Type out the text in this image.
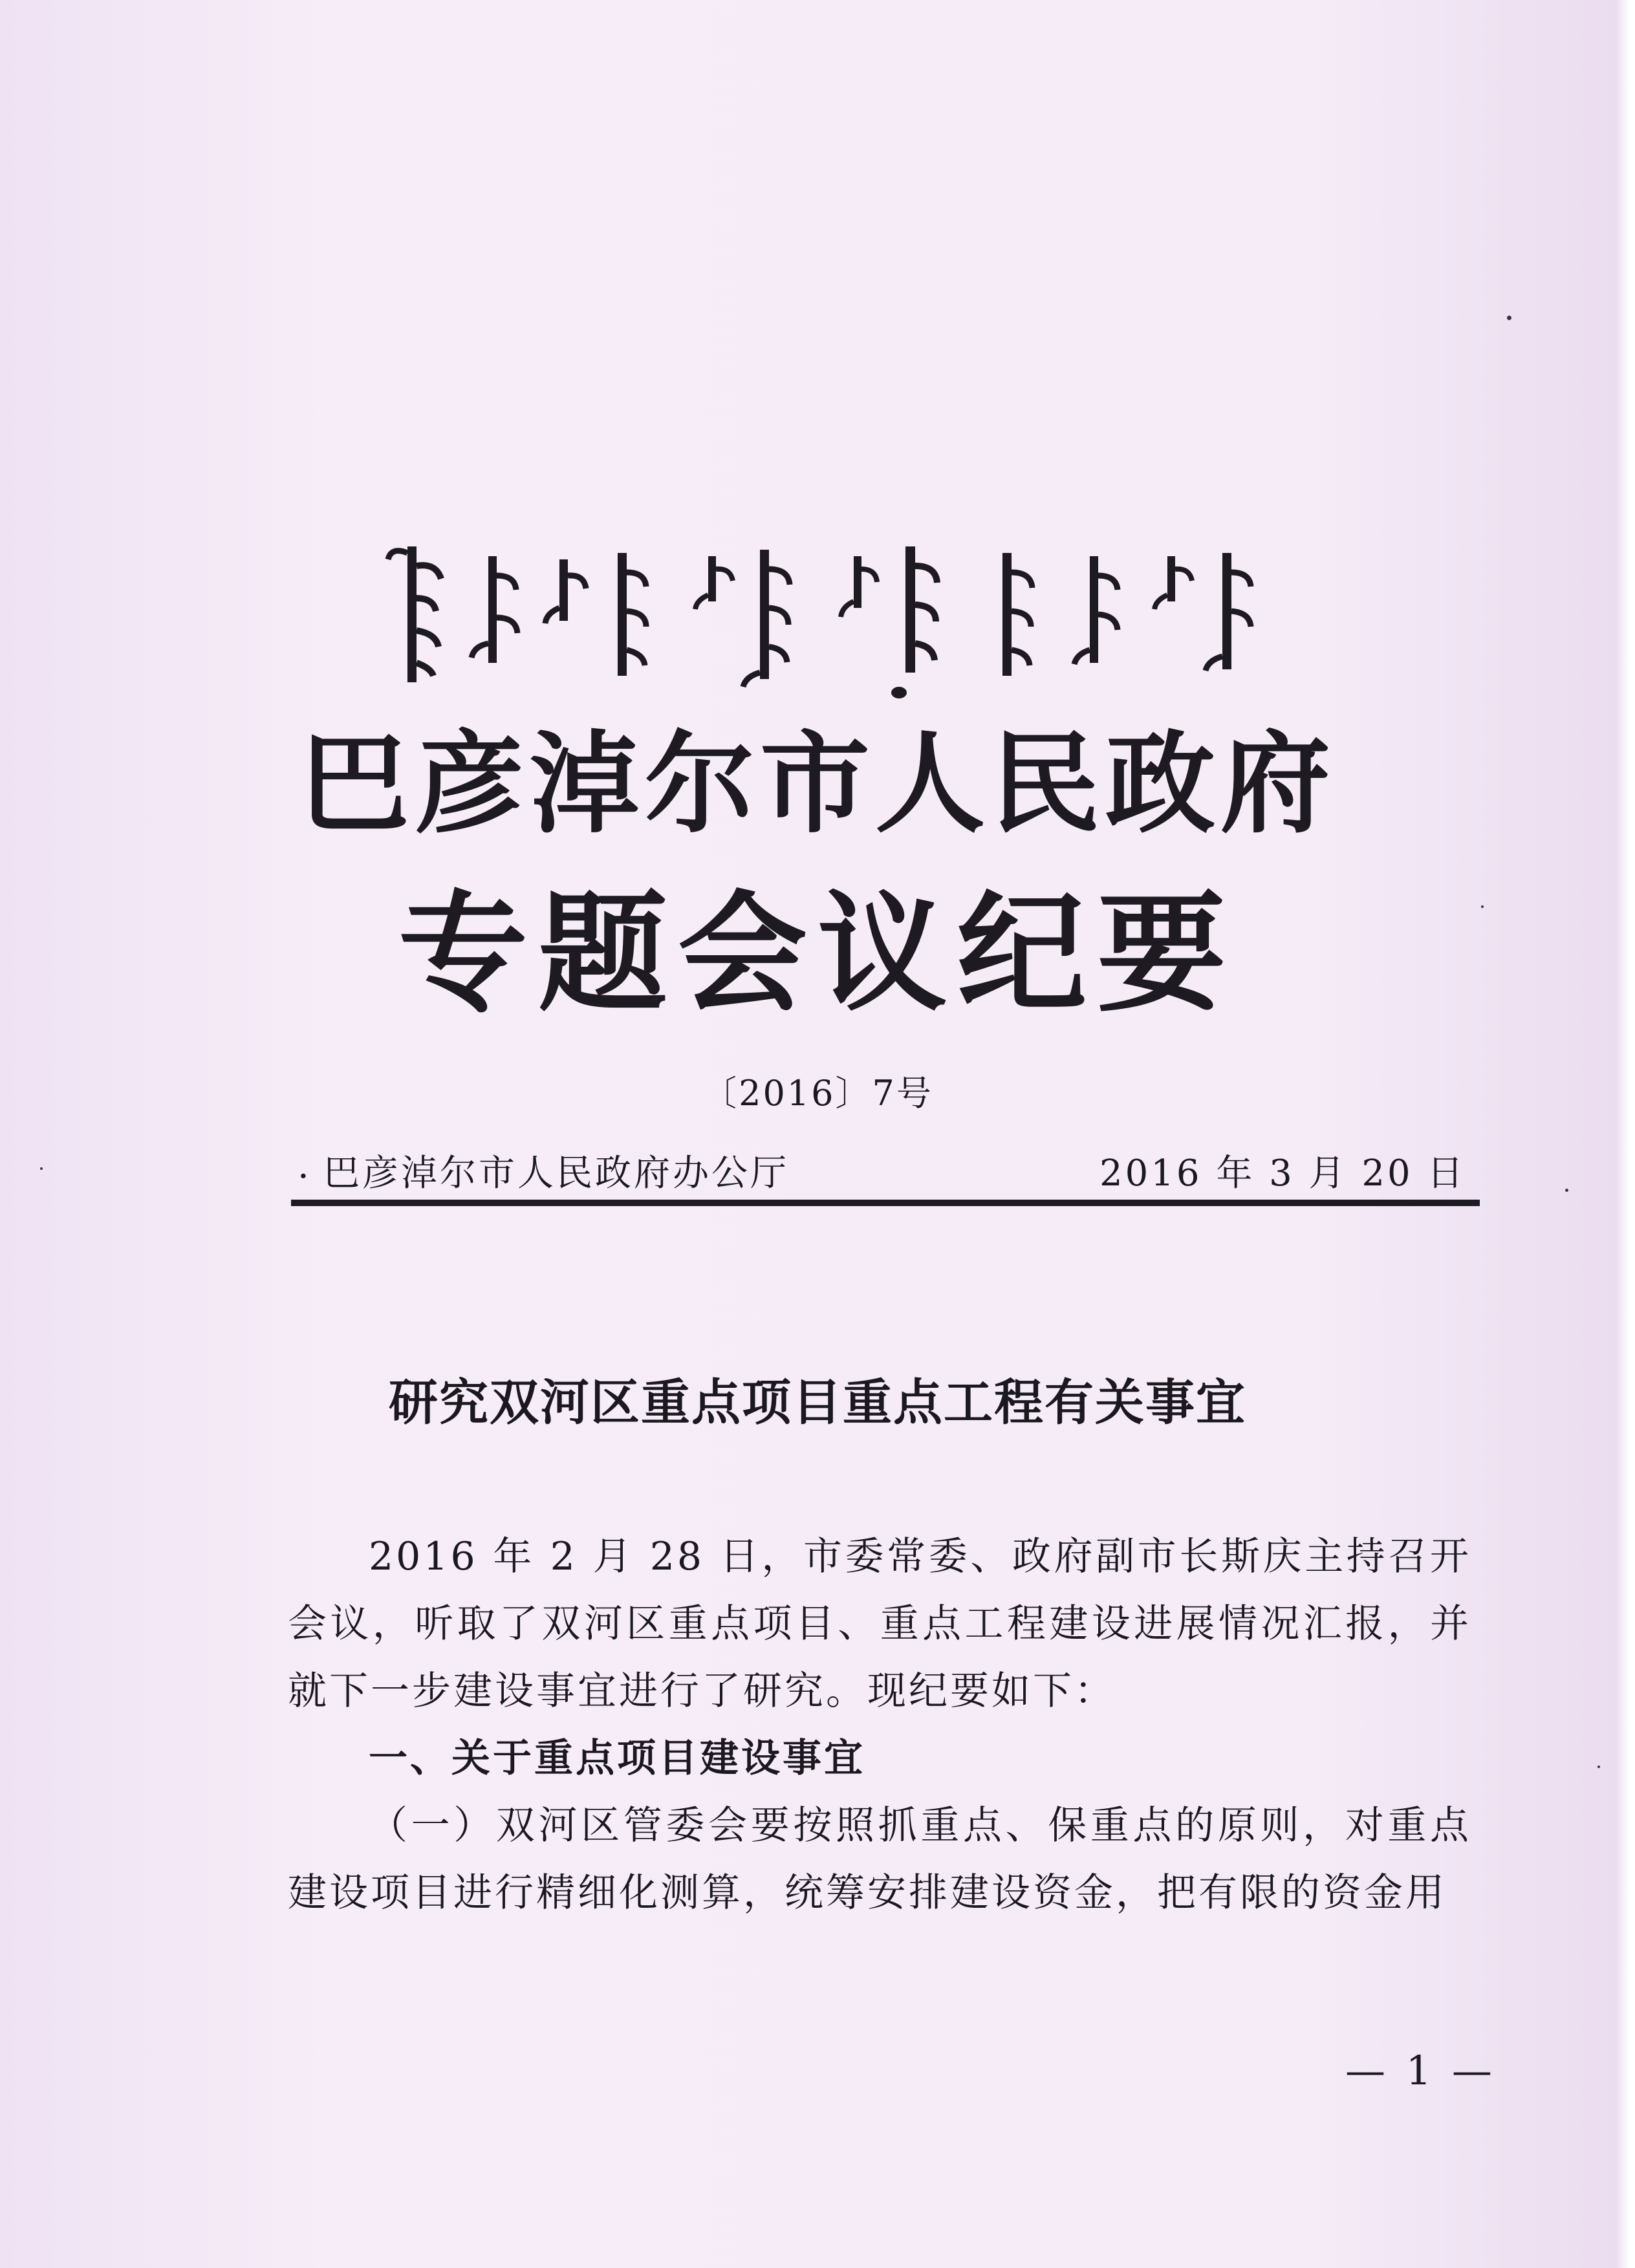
巴彦淖尔市人民政府
专题会议纪要
〔2016〕7号
. 巴彦淖尔市人民政府办公厅	2016 年 3 月 20 日
研究双河区重点项目重点工程有关事宜

2016 年 2 月 28 日，市委常委、政府副市长斯庆主持召开会议，听取了双河区重点项目、重点工程建设进展情况汇报，并就下一步建设事宜进行了研究。现纪要如下：

一、关于重点项目建设事宜

（一）双河区管委会要按照抓重点、保重点的原则，对重点建设项目进行精细化测算，统筹安排建设资金，把有限的资金用

— 1 —
